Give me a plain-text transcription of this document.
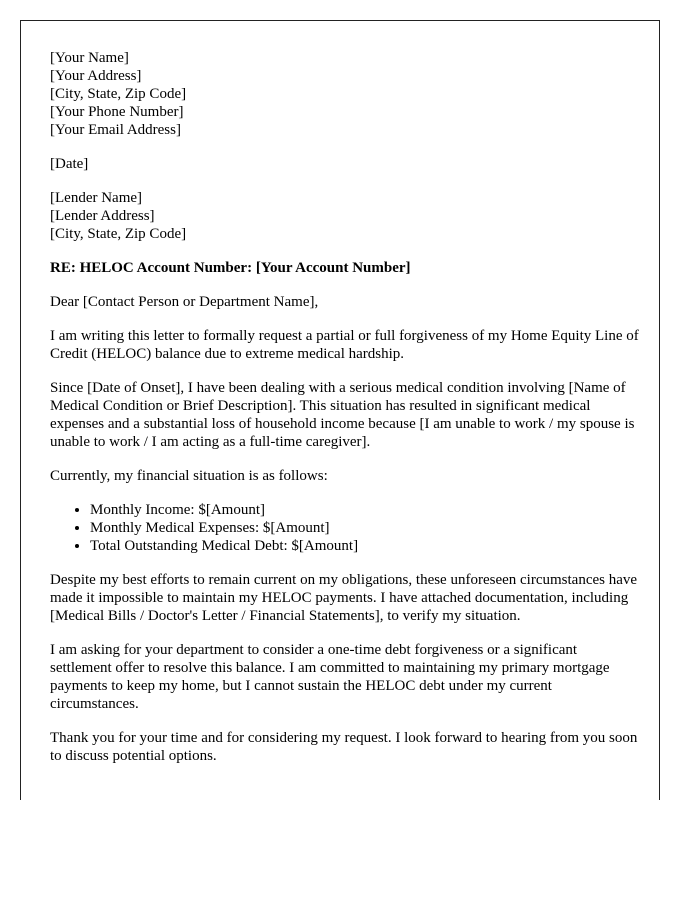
[Your Name]
[Your Address]
[City, State, Zip Code]
[Your Phone Number]
[Your Email Address]
[Date]
[Lender Name]
[Lender Address]
[City, State, Zip Code]
RE: HELOC Account Number: [Your Account Number]

Dear [Contact Person or Department Name],

I am writing this letter to formally request a partial or full forgiveness of my Home Equity Line of Credit (HELOC) balance due to extreme medical hardship.

Since [Date of Onset], I have been dealing with a serious medical condition involving [Name of Medical Condition or Brief Description]. This situation has resulted in significant medical expenses and a substantial loss of household income because [I am unable to work / my spouse is unable to work / I am acting as a full-time caregiver].

Currently, my financial situation is as follows:

• Monthly Income: $[Amount]
• Monthly Medical Expenses: $[Amount]
• Total Outstanding Medical Debt: $[Amount]

Despite my best efforts to remain current on my obligations, these unforeseen circumstances have made it impossible to maintain my HELOC payments. I have attached documentation, including [Medical Bills / Doctor's Letter / Financial Statements], to verify my situation.

I am asking for your department to consider a one-time debt forgiveness or a significant settlement offer to resolve this balance. I am committed to maintaining my primary mortgage payments to keep my home, but I cannot sustain the HELOC debt under my current circumstances.

Thank you for your time and for considering my request. I look forward to hearing from you soon to discuss potential options.
